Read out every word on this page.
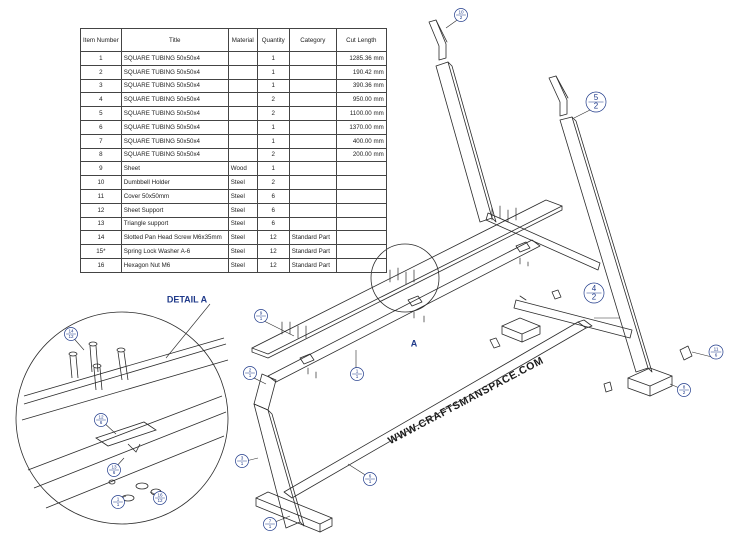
10
2
5
2
4
2
11
6
8
2
9
1
1
1
2
1
3
1
6
1
7
1
14
12
12
6
13
6
1
1
16
12
DETAIL A
A
WWW.CRAFTSMANSPACE.COM
Item Number	Title	Material	Quantity	Category	Cut Length
1	SQUARE TUBING 50x50x4		1		1285.36 mm
2	SQUARE TUBING 50x50x4		1		190.42 mm
3	SQUARE TUBING 50x50x4		1		390.36 mm
4	SQUARE TUBING 50x50x4		2		950.00 mm
5	SQUARE TUBING 50x50x4		2		1100.00 mm
6	SQUARE TUBING 50x50x4		1		1370.00 mm
7	SQUARE TUBING 50x50x4		1		400.00 mm
8	SQUARE TUBING 50x50x4		2		200.00 mm
9	Sheet	Wood	1		
10	Dumbbell Holder	Steel	2		
11	Cover 50x50mm	Steel	6		
12	Sheet Support	Steel	6		
13	Triangle support	Steel	6		
14	Slotted Pan Head Screw M6x35mm	Steel	12	Standard Part	
15*	Spring Lock Washer A-6	Steel	12	Standard Part	
16	Hexagon Nut M6	Steel	12	Standard Part	
